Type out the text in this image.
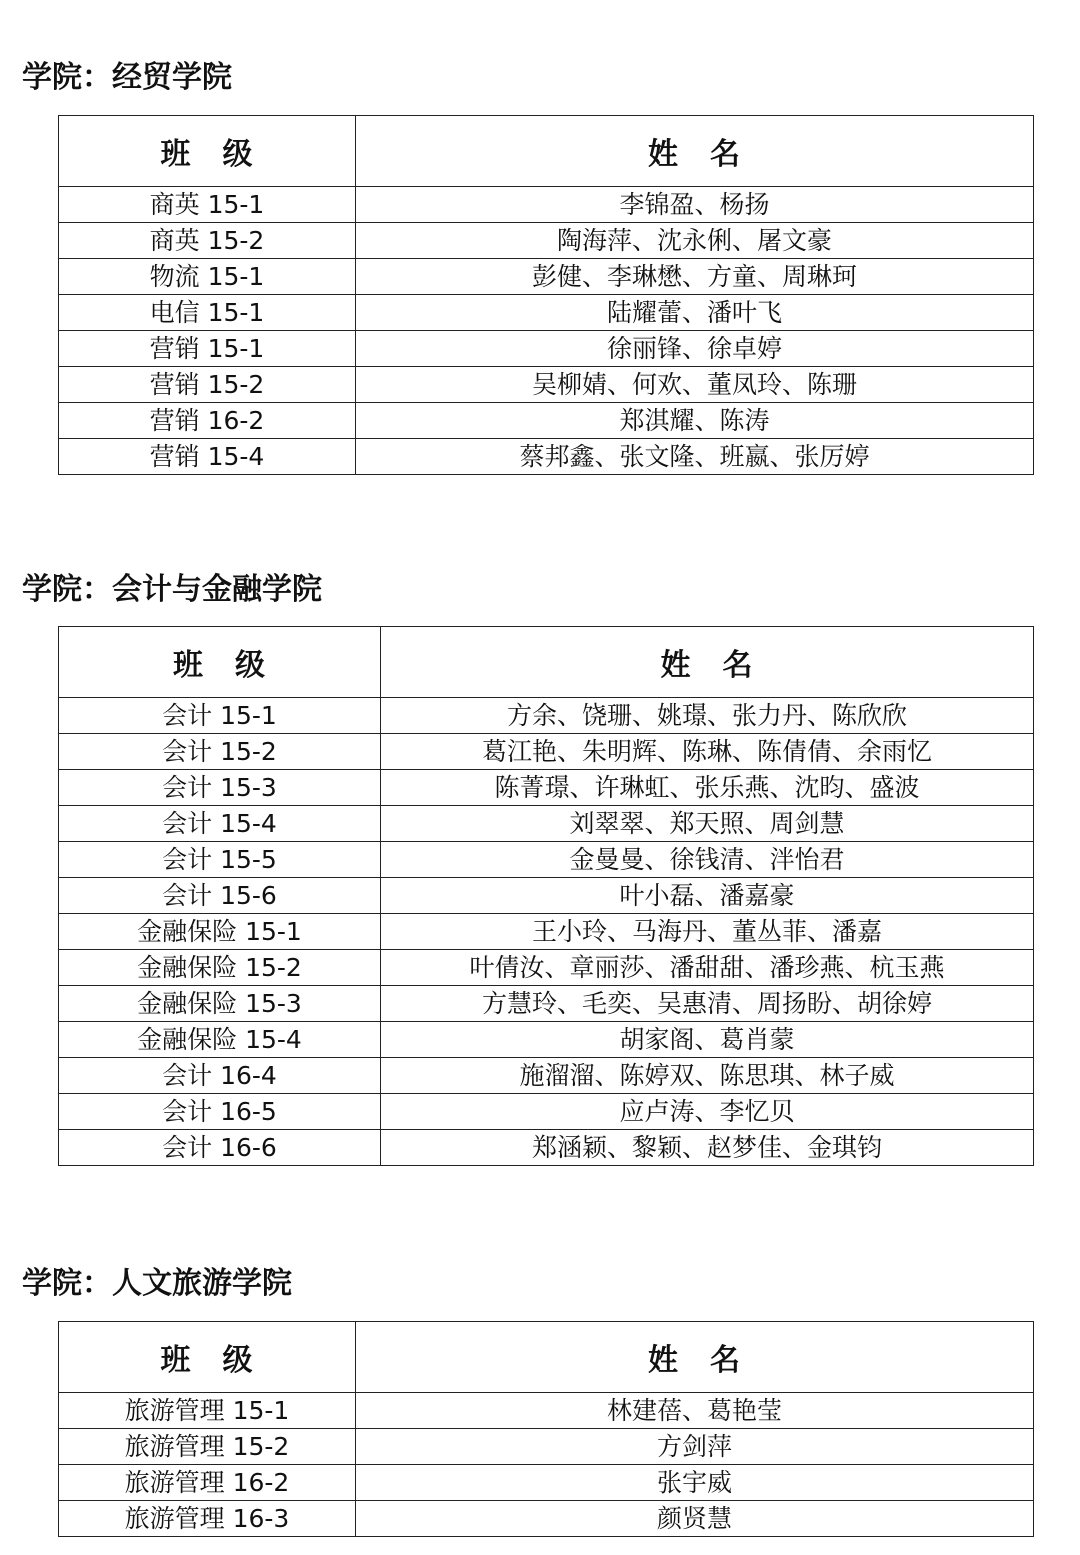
学院：经贸学院
班　级	姓　名
商英 15-1	李锦盈、杨扬
商英 15-2	陶海萍、沈永俐、屠文豪
物流 15-1	彭健、李琳懋、方童、周琳珂
电信 15-1	陆耀蕾、潘叶飞
营销 15-1	徐丽锋、徐卓婷
营销 15-2	吴柳婧、何欢、董凤玲、陈珊
营销 16-2	郑淇耀、陈涛
营销 15-4	蔡邦鑫、张文隆、班嬴、张厉婷
学院：会计与金融学院
班　级	姓　名
会计 15-1	方余、饶珊、姚璟、张力丹、陈欣欣
会计 15-2	葛江艳、朱明辉、陈琳、陈倩倩、余雨忆
会计 15-3	陈菁璟、许琳虹、张乐燕、沈昀、盛波
会计 15-4	刘翠翠、郑天照、周剑慧
会计 15-5	金曼曼、徐钱清、泮怡君
会计 15-6	叶小磊、潘嘉豪
金融保险 15-1	王小玲、马海丹、董丛菲、潘嘉
金融保险 15-2	叶倩汝、章丽莎、潘甜甜、潘珍燕、杭玉燕
金融保险 15-3	方慧玲、毛奕、吴惠清、周扬盼、胡徐婷
金融保险 15-4	胡家阁、葛肖蒙
会计 16-4	施溜溜、陈婷双、陈思琪、林子威
会计 16-5	应卢涛、李忆贝
会计 16-6	郑涵颖、黎颖、赵梦佳、金琪钧
学院：人文旅游学院
班　级	姓　名
旅游管理 15-1	林建蓓、葛艳莹
旅游管理 15-2	方剑萍
旅游管理 16-2	张宇威
旅游管理 16-3	颜贤慧
